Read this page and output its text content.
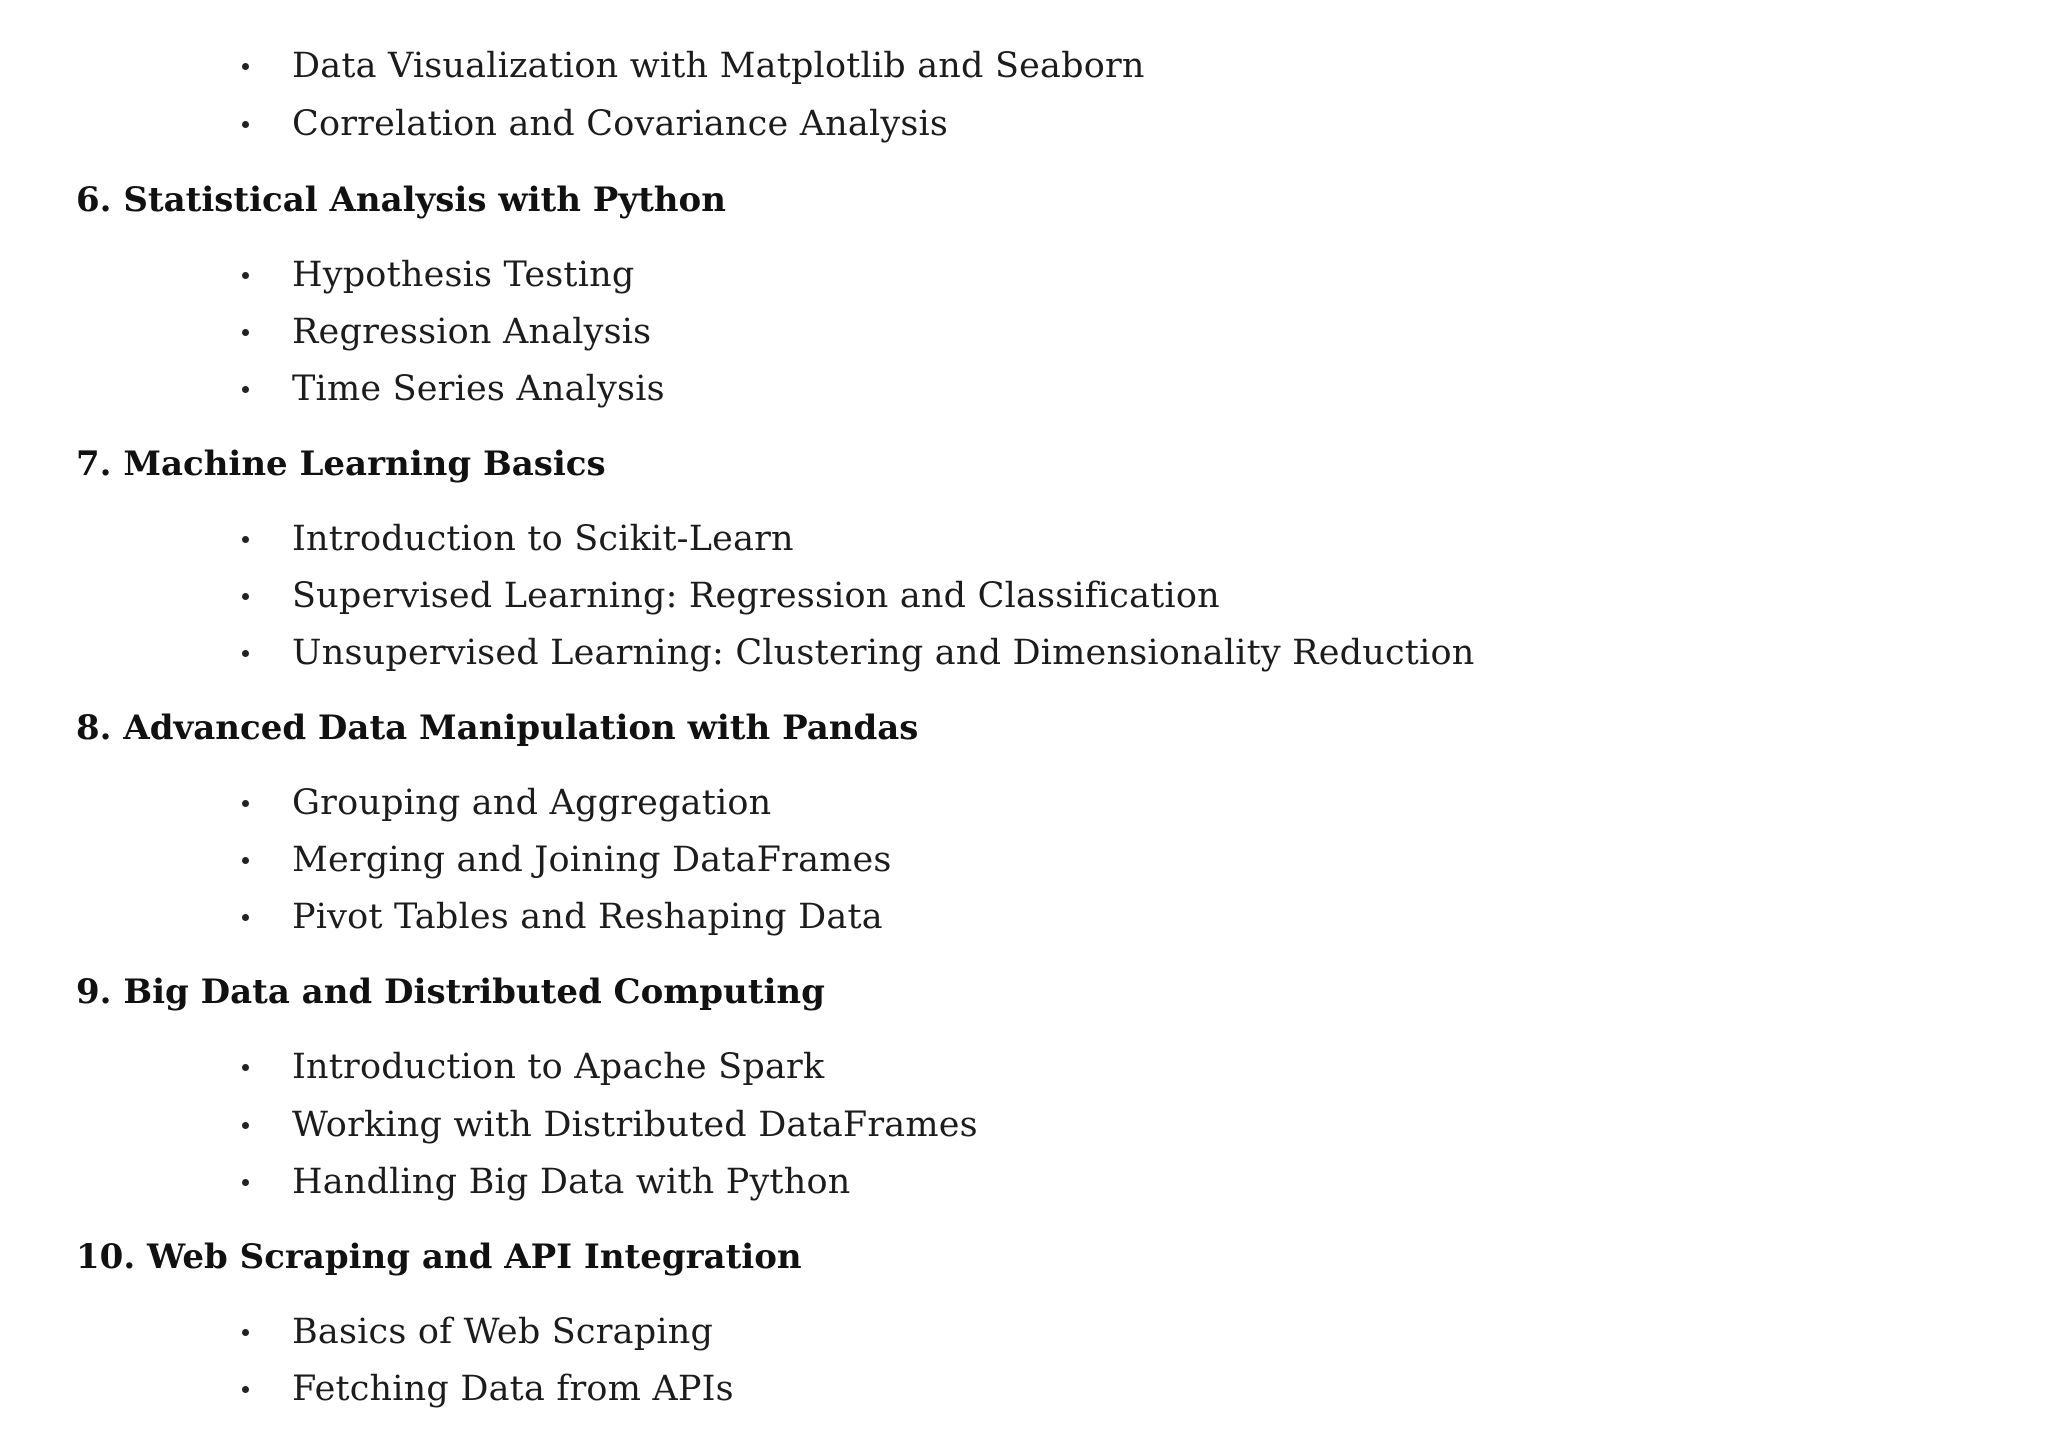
Data Visualization with Matplotlib and Seaborn
Correlation and Covariance Analysis
6. Statistical Analysis with Python
Hypothesis Testing
Regression Analysis
Time Series Analysis
7. Machine Learning Basics
Introduction to Scikit-Learn
Supervised Learning: Regression and Classification
Unsupervised Learning: Clustering and Dimensionality Reduction
8. Advanced Data Manipulation with Pandas
Grouping and Aggregation
Merging and Joining DataFrames
Pivot Tables and Reshaping Data
9. Big Data and Distributed Computing
Introduction to Apache Spark
Working with Distributed DataFrames
Handling Big Data with Python
10. Web Scraping and API Integration
Basics of Web Scraping
Fetching Data from APIs
